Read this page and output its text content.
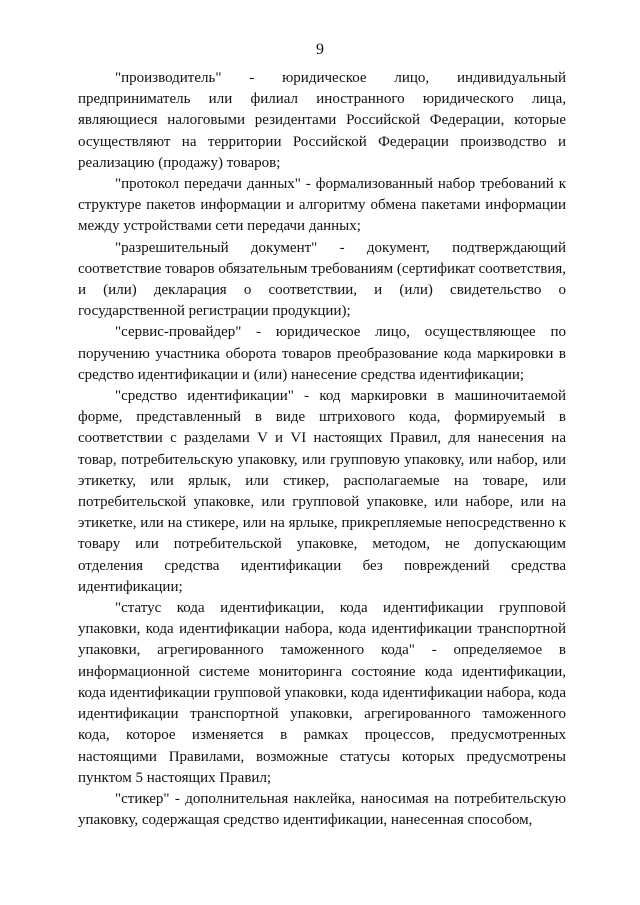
9

"производитель" - юридическое лицо, индивидуальный предприниматель или филиал иностранного юридического лица, являющиеся налоговыми резидентами Российской Федерации, которые осуществляют на территории Российской Федерации производство и реализацию (продажу) товаров;

"протокол передачи данных" - формализованный набор требований к структуре пакетов информации и алгоритму обмена пакетами информации между устройствами сети передачи данных;

"разрешительный документ" - документ, подтверждающий соответствие товаров обязательным требованиям (сертификат соответствия, и (или) декларация о соответствии, и (или) свидетельство о государственной регистрации продукции);

"сервис-провайдер" - юридическое лицо, осуществляющее по поручению участника оборота товаров преобразование кода маркировки в средство идентификации и (или) нанесение средства идентификации;

"средство идентификации" - код маркировки в машиночитаемой форме, представленный в виде штрихового кода, формируемый в соответствии с разделами V и VI настоящих Правил, для нанесения на товар, потребительскую упаковку, или групповую упаковку, или набор, или этикетку, или ярлык, или стикер, располагаемые на товаре, или потребительской упаковке, или групповой упаковке, или наборе, или на этикетке, или на стикере, или на ярлыке, прикрепляемые непосредственно к товару или потребительской упаковке, методом, не допускающим отделения средства идентификации без повреждений средства идентификации;

"статус кода идентификации, кода идентификации групповой упаковки, кода идентификации набора, кода идентификации транспортной упаковки, агрегированного таможенного кода" - определяемое в информационной системе мониторинга состояние кода идентификации, кода идентификации групповой упаковки, кода идентификации набора, кода идентификации транспортной упаковки, агрегированного таможенного кода, которое изменяется в рамках процессов, предусмотренных настоящими Правилами, возможные статусы которых предусмотрены пунктом 5 настоящих Правил;

"стикер" - дополнительная наклейка, наносимая на потребительскую упаковку, содержащая средство идентификации, нанесенная способом,
